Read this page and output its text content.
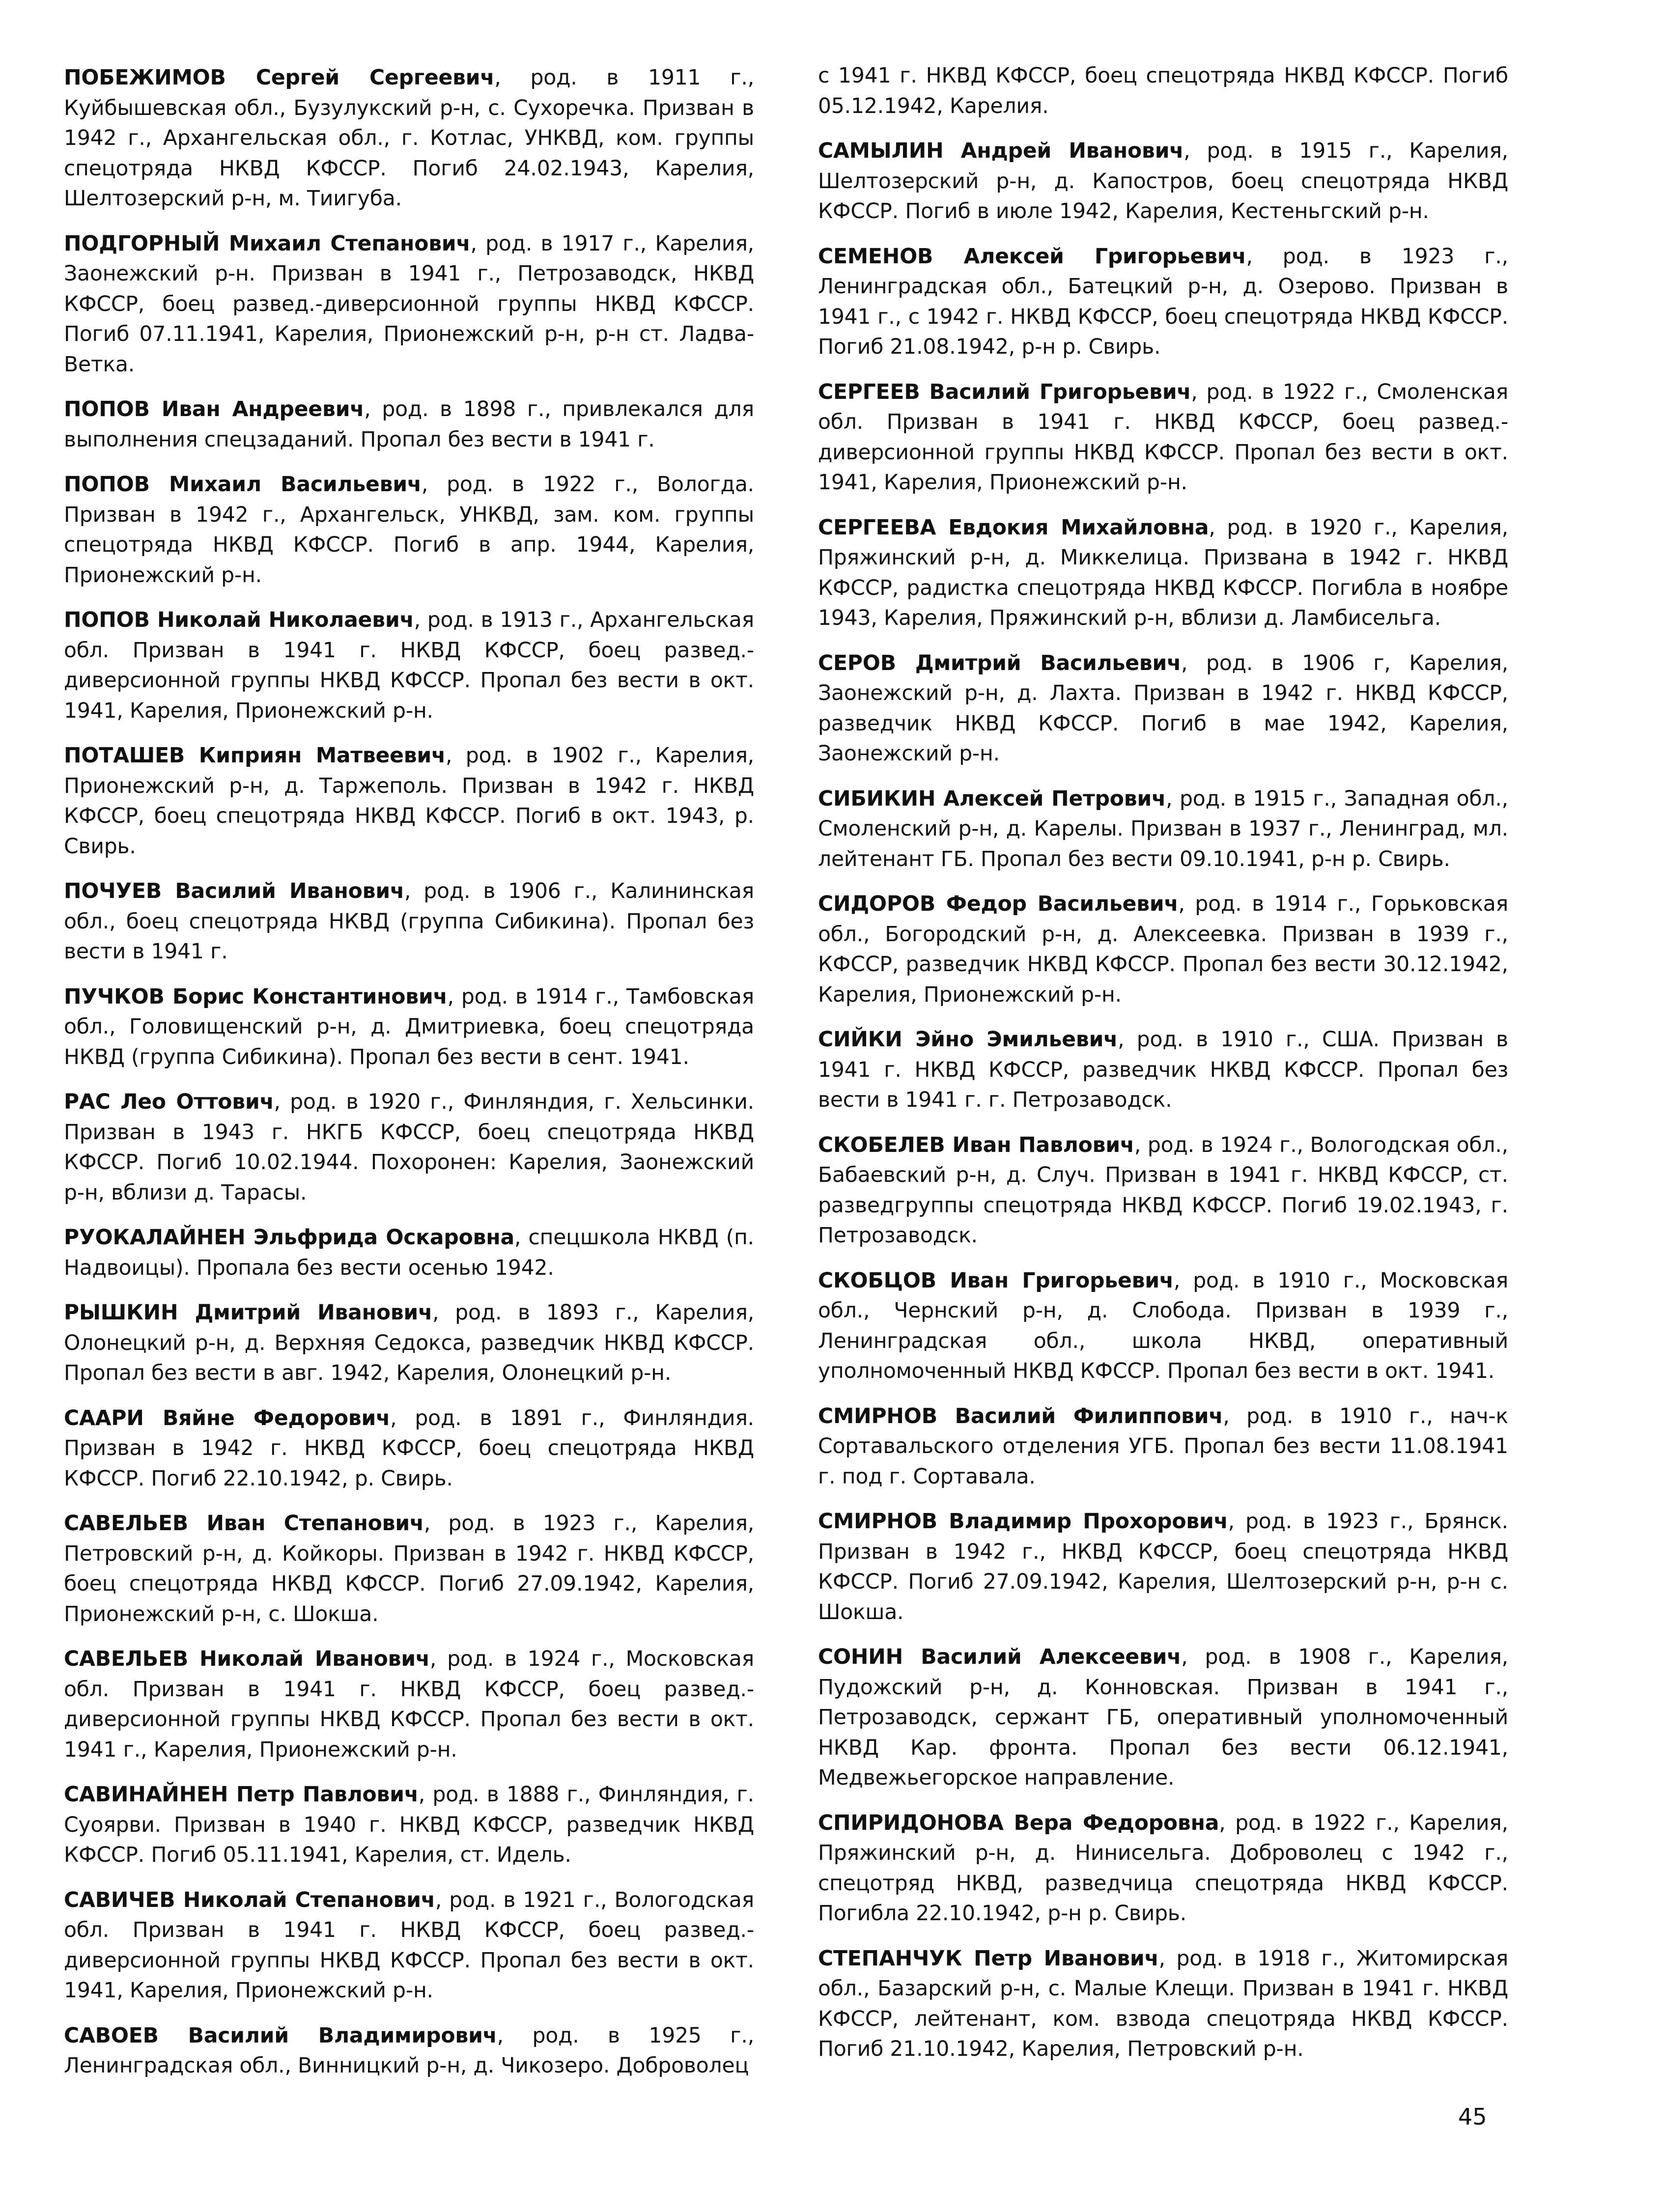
ПОБЕЖИМОВ Сергей Сергеевич, род. в 1911 г., Куйбышевская обл., Бузулукский р-н, с. Сухоречка. Призван в 1942 г., Архангельская обл., г. Котлас, УНКВД, ком. группы спецотряда НКВД КФССР. Погиб 24.02.1943, Карелия, Шелтозерский р-н, м. Тиигуба.

ПОДГОРНЫЙ Михаил Степанович, род. в 1917 г., Карелия, Заонежский р-н. Призван в 1941 г., Петрозаводск, НКВД КФССР, боец развед.-диверсионной группы НКВД КФССР. Погиб 07.11.1941, Карелия, Прионежский р-н, р-н ст. Ладва-Ветка.

ПОПОВ Иван Андреевич, род. в 1898 г., привлекался для выполнения спецзаданий. Пропал без вести в 1941 г.

ПОПОВ Михаил Васильевич, род. в 1922 г., Вологда. Призван в 1942 г., Архангельск, УНКВД, зам. ком. группы спецотряда НКВД КФССР. Погиб в апр. 1944, Карелия, Прионежский р-н.

ПОПОВ Николай Николаевич, род. в 1913 г., Архангельская обл. Призван в 1941 г. НКВД КФССР, боец развед.-диверсионной группы НКВД КФССР. Пропал без вести в окт. 1941, Карелия, Прионежский р-н.

ПОТАШЕВ Киприян Матвеевич, род. в 1902 г., Карелия, Прионежский р-н, д. Таржеполь. Призван в 1942 г. НКВД КФССР, боец спецотряда НКВД КФССР. Погиб в окт. 1943, р. Свирь.

ПОЧУЕВ Василий Иванович, род. в 1906 г., Калининская обл., боец спецотряда НКВД (группа Сибикина). Пропал без вести в 1941 г.

ПУЧКОВ Борис Константинович, род. в 1914 г., Тамбовская обл., Головищенский р-н, д. Дмитриевка, боец спецотряда НКВД (группа Сибикина). Пропал без вести в сент. 1941.

РАС Лео Оттович, род. в 1920 г., Финляндия, г. Хельсинки. Призван в 1943 г. НКГБ КФССР, боец спецотряда НКВД КФССР. Погиб 10.02.1944. Похоронен: Карелия, Заонежский р-н, вблизи д. Тарасы.

РУОКАЛАЙНЕН Эльфрида Оскаровна, спецшкола НКВД (п. Надвоицы). Пропала без вести осенью 1942.

РЫШКИН Дмитрий Иванович, род. в 1893 г., Карелия, Олонецкий р-н, д. Верхняя Седокса, разведчик НКВД КФССР. Пропал без вести в авг. 1942, Карелия, Олонецкий р-н.

СААРИ Вяйне Федорович, род. в 1891 г., Финляндия. Призван в 1942 г. НКВД КФССР, боец спецотряда НКВД КФССР. Погиб 22.10.1942, р. Свирь.

САВЕЛЬЕВ Иван Степанович, род. в 1923 г., Карелия, Петровский р-н, д. Койкоры. Призван в 1942 г. НКВД КФССР, боец спецотряда НКВД КФССР. Погиб 27.09.1942, Карелия, Прионежский р-н, с. Шокша.

САВЕЛЬЕВ Николай Иванович, род. в 1924 г., Московская обл. Призван в 1941 г. НКВД КФССР, боец развед.-диверсионной группы НКВД КФССР. Пропал без вести в окт. 1941 г., Карелия, Прионежский р-н.

САВИНАЙНЕН Петр Павлович, род. в 1888 г., Финляндия, г. Суоярви. Призван в 1940 г. НКВД КФССР, разведчик НКВД КФССР. Погиб 05.11.1941, Карелия, ст. Идель.

САВИЧЕВ Николай Степанович, род. в 1921 г., Вологодская обл. Призван в 1941 г. НКВД КФССР, боец развед.-диверсионной группы НКВД КФССР. Пропал без вести в окт. 1941, Карелия, Прионежский р-н.

САВОЕВ Василий Владимирович, род. в 1925 г., Ленинградская обл., Винницкий р-н, д. Чикозеро. Доброволец

с 1941 г. НКВД КФССР, боец спецотряда НКВД КФССР. Погиб 05.12.1942, Карелия.

САМЫЛИН Андрей Иванович, род. в 1915 г., Карелия, Шелтозерский р-н, д. Капостров, боец спецотряда НКВД КФССР. Погиб в июле 1942, Карелия, Кестеньгский р-н.

СЕМЕНОВ Алексей Григорьевич, род. в 1923 г., Ленинградская обл., Батецкий р-н, д. Озерово. Призван в 1941 г., с 1942 г. НКВД КФССР, боец спецотряда НКВД КФССР. Погиб 21.08.1942, р-н р. Свирь.

СЕРГЕЕВ Василий Григорьевич, род. в 1922 г., Смоленская обл. Призван в 1941 г. НКВД КФССР, боец развед.-диверсионной группы НКВД КФССР. Пропал без вести в окт. 1941, Карелия, Прионежский р-н.

СЕРГЕЕВА Евдокия Михайловна, род. в 1920 г., Карелия, Пряжинский р-н, д. Миккелица. Призвана в 1942 г. НКВД КФССР, радистка спецотряда НКВД КФССР. Погибла в ноябре 1943, Карелия, Пряжинский р-н, вблизи д. Ламбисельга.

СЕРОВ Дмитрий Васильевич, род. в 1906 г, Карелия, Заонежский р-н, д. Лахта. Призван в 1942 г. НКВД КФССР, разведчик НКВД КФССР. Погиб в мае 1942, Карелия, Заонежский р-н.

СИБИКИН Алексей Петрович, род. в 1915 г., Западная обл., Смоленский р-н, д. Карелы. Призван в 1937 г., Ленинград, мл. лейтенант ГБ. Пропал без вести 09.10.1941, р-н р. Свирь.

СИДОРОВ Федор Васильевич, род. в 1914 г., Горьковская обл., Богородский р-н, д. Алексеевка. Призван в 1939 г., КФССР, разведчик НКВД КФССР. Пропал без вести 30.12.1942, Карелия, Прионежский р-н.

СИЙКИ Эйно Эмильевич, род. в 1910 г., США. Призван в 1941 г. НКВД КФССР, разведчик НКВД КФССР. Пропал без вести в 1941 г. г. Петрозаводск.

СКОБЕЛЕВ Иван Павлович, род. в 1924 г., Вологодская обл., Бабаевский р-н, д. Случ. Призван в 1941 г. НКВД КФССР, ст. разведгруппы спецотряда НКВД КФССР. Погиб 19.02.1943, г. Петрозаводск.

СКОБЦОВ Иван Григорьевич, род. в 1910 г., Московская обл., Чернский р-н, д. Слобода. Призван в 1939 г., Ленинградская обл., школа НКВД, оперативный уполномоченный НКВД КФССР. Пропал без вести в окт. 1941.

СМИРНОВ Василий Филиппович, род. в 1910 г., нач-к Сортавальского отделения УГБ. Пропал без вести 11.08.1941 г. под г. Сортавала.

СМИРНОВ Владимир Прохорович, род. в 1923 г., Брянск. Призван в 1942 г., НКВД КФССР, боец спецотряда НКВД КФССР. Погиб 27.09.1942, Карелия, Шелтозерский р-н, р-н с. Шокша.

СОНИН Василий Алексеевич, род. в 1908 г., Карелия, Пудожский р-н, д. Конновская. Призван в 1941 г., Петрозаводск, сержант ГБ, оперативный уполномоченный НКВД Кар. фронта. Пропал без вести 06.12.1941, Медвежьегорское направление.

СПИРИДОНОВА Вера Федоровна, род. в 1922 г., Карелия, Пряжинский р-н, д. Нинисельга. Доброволец с 1942 г., спецотряд НКВД, разведчица спецотряда НКВД КФССР. Погибла 22.10.1942, р-н р. Свирь.

СТЕПАНЧУК Петр Иванович, род. в 1918 г., Житомирская обл., Базарский р-н, с. Малые Клещи. Призван в 1941 г. НКВД КФССР, лейтенант, ком. взвода спецотряда НКВД КФССР. Погиб 21.10.1942, Карелия, Петровский р-н.

45
